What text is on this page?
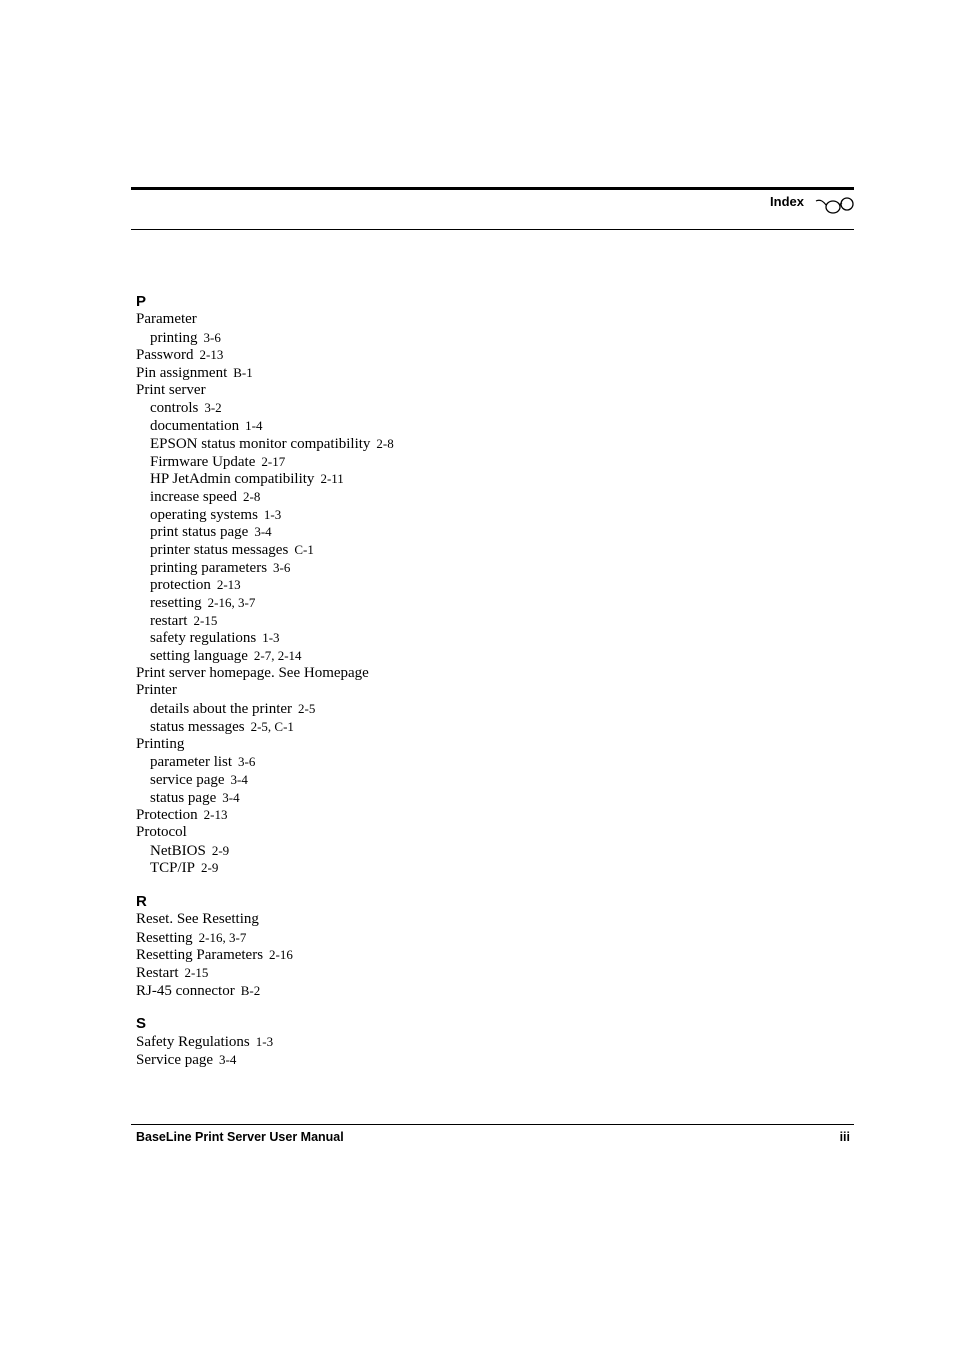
Index
P
Parameter
printing 3-6
Password 2-13
Pin assignment B-1
Print server
controls 3-2
documentation 1-4
EPSON status monitor compatibility 2-8
Firmware Update 2-17
HP JetAdmin compatibility 2-11
increase speed 2-8
operating systems 1-3
print status page 3-4
printer status messages C-1
printing parameters 3-6
protection 2-13
resetting 2-16, 3-7
restart 2-15
safety regulations 1-3
setting language 2-7, 2-14
Print server homepage. See Homepage
Printer
details about the printer 2-5
status messages 2-5, C-1
Printing
parameter list 3-6
service page 3-4
status page 3-4
Protection 2-13
Protocol
NetBIOS 2-9
TCP/IP 2-9
R
Reset. See Resetting
Resetting 2-16, 3-7
Resetting Parameters 2-16
Restart 2-15
RJ-45 connector B-2
S
Safety Regulations 1-3
Service page 3-4
BaseLine Print Server User Manual	iii
